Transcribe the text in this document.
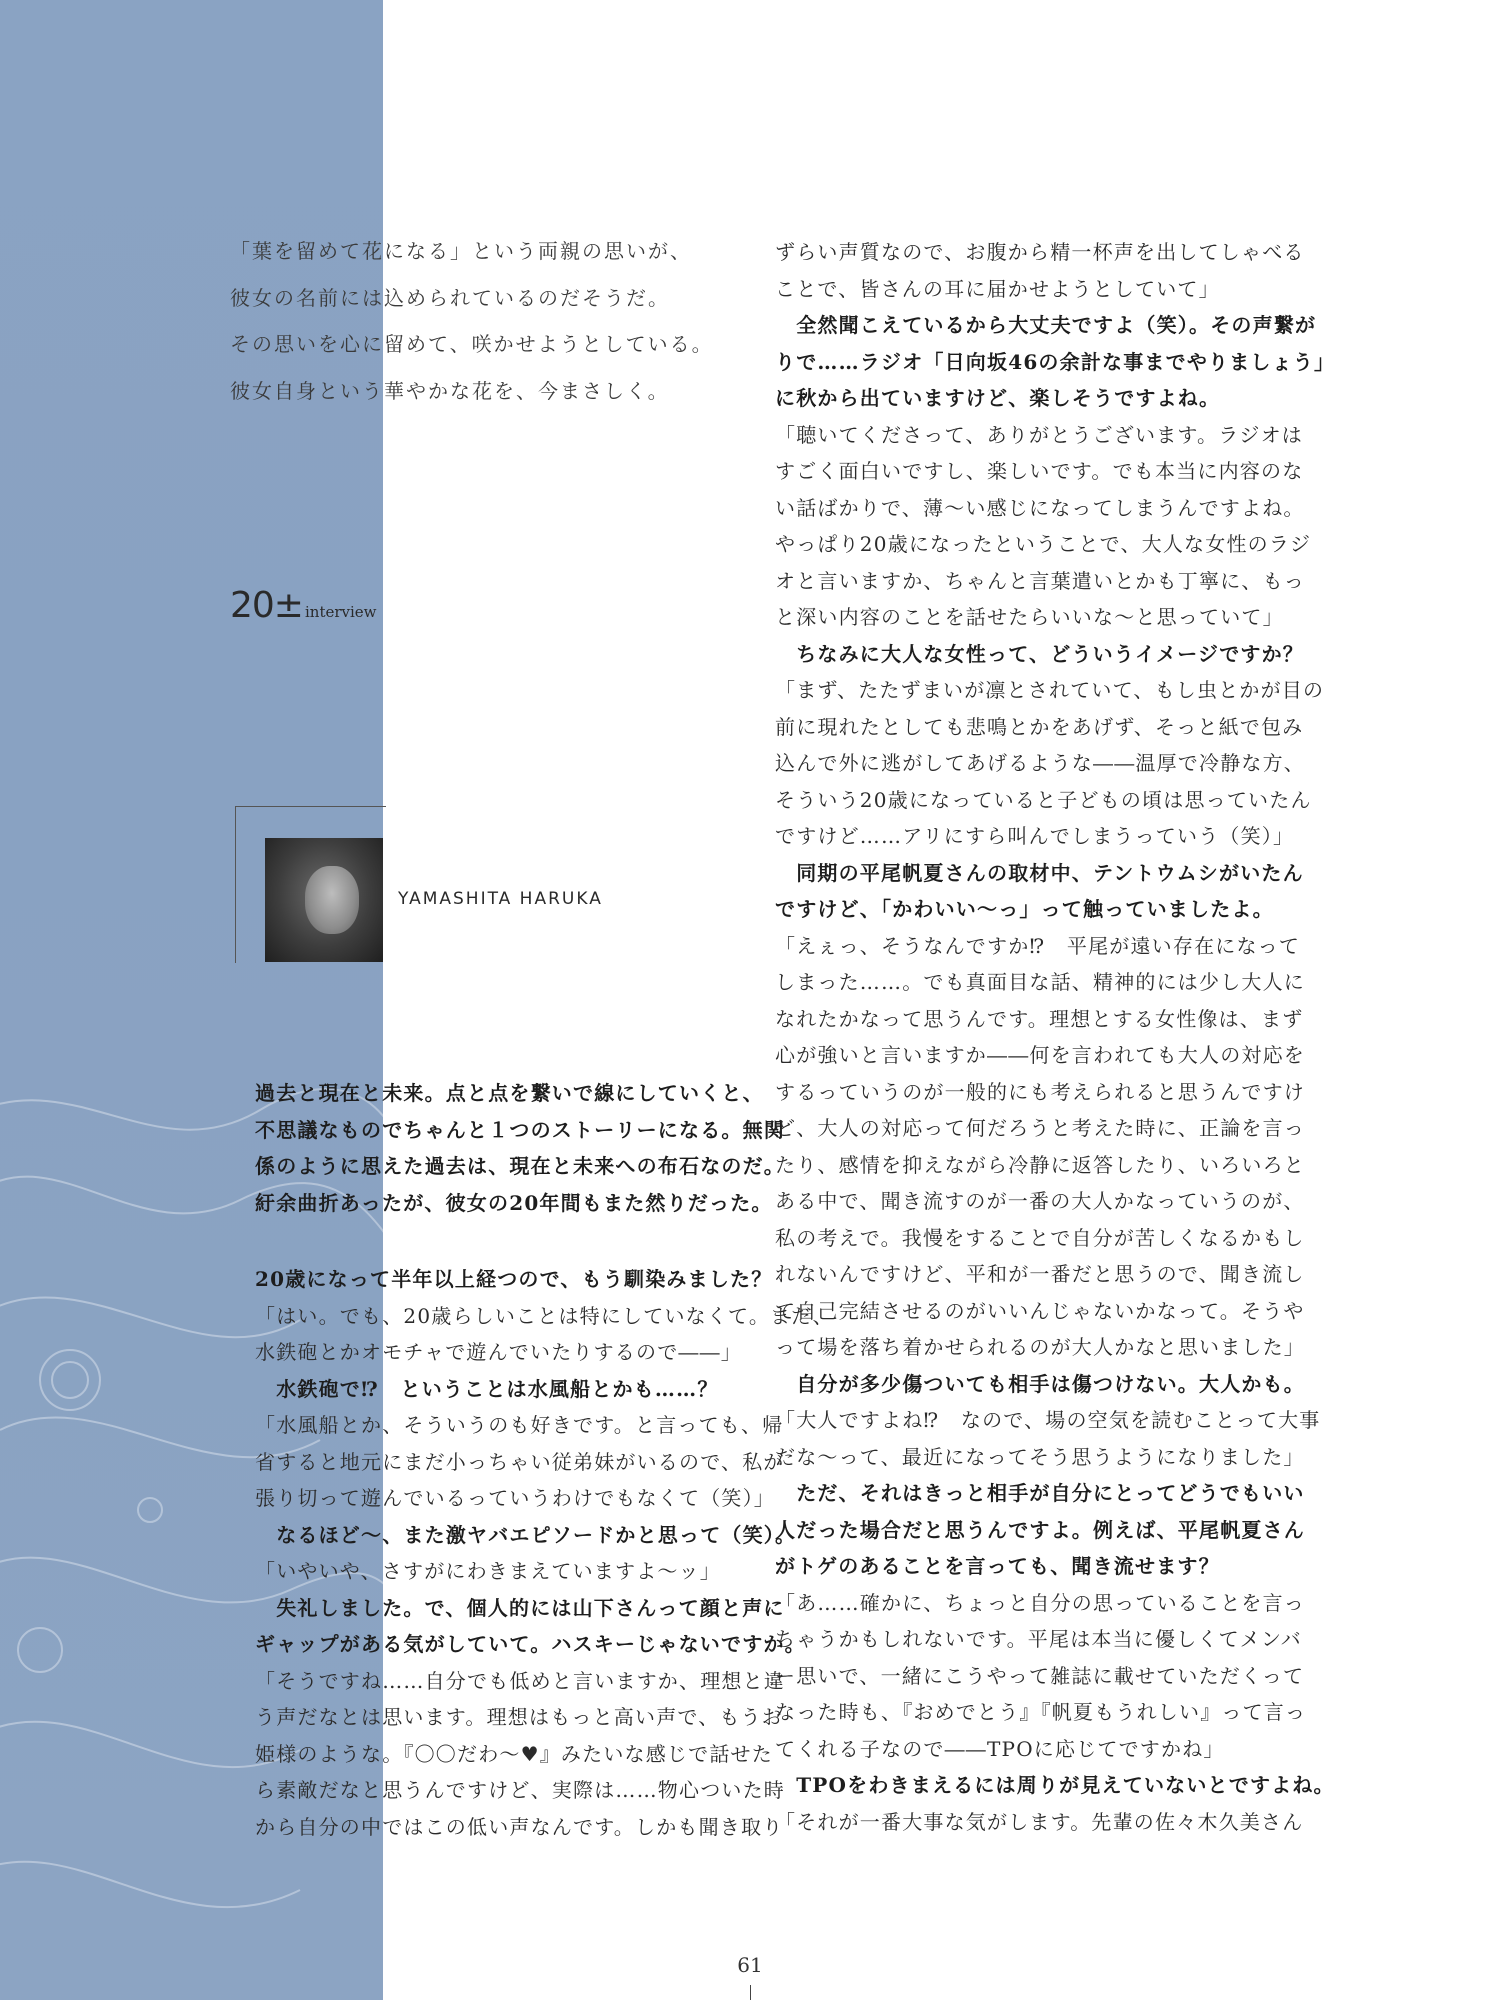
「葉を留めて花になる」という両親の思いが、

彼女の名前には込められているのだそうだ。

その思いを心に留めて、咲かせようとしている。

彼女自身という華やかな花を、今まさしく。

20± interview
YAMASHITA HARUKA
過去と現在と未来。点と点を繋いで線にしていくと、
不思議なものでちゃんと１つのストーリーになる。無関
係のように思えた過去は、現在と未来への布石なのだ。
紆余曲折あったが、彼女の20年間もまた然りだった。
20歳になって半年以上経つので、もう馴染みました？
「はい。でも、20歳らしいことは特にしていなくて。まだ、
水鉄砲とかオモチャで遊んでいたりするので――」
　水鉄砲で⁉　ということは水風船とかも……？
「水風船とか、そういうのも好きです。と言っても、帰
省すると地元にまだ小っちゃい従弟妹がいるので、私が
張り切って遊んでいるっていうわけでもなくて（笑）」
　なるほど～、また激ヤバエピソードかと思って（笑）。
「いやいや、さすがにわきまえていますよ～ッ」
　失礼しました。で、個人的には山下さんって顔と声に
ギャップがある気がしていて。ハスキーじゃないですか。
「そうですね……自分でも低めと言いますか、理想と違
う声だなとは思います。理想はもっと高い声で、もうお
姫様のような。『〇〇だわ～♥』みたいな感じで話せた
ら素敵だなと思うんですけど、実際は……物心ついた時
から自分の中ではこの低い声なんです。しかも聞き取り
ずらい声質なので、お腹から精一杯声を出してしゃべる
ことで、皆さんの耳に届かせようとしていて」
　全然聞こえているから大丈夫ですよ（笑）。その声繋が
りで……ラジオ「日向坂46の余計な事までやりましょう」
に秋から出ていますけど、楽しそうですよね。
「聴いてくださって、ありがとうございます。ラジオは
すごく面白いですし、楽しいです。でも本当に内容のな
い話ばかりで、薄～い感じになってしまうんですよね。
やっぱり20歳になったということで、大人な女性のラジ
オと言いますか、ちゃんと言葉遣いとかも丁寧に、もっ
と深い内容のことを話せたらいいな～と思っていて」
　ちなみに大人な女性って、どういうイメージですか？
「まず、たたずまいが凛とされていて、もし虫とかが目の
前に現れたとしても悲鳴とかをあげず、そっと紙で包み
込んで外に逃がしてあげるような――温厚で冷静な方、
そういう20歳になっていると子どもの頃は思っていたん
ですけど……アリにすら叫んでしまうっていう（笑）」
　同期の平尾帆夏さんの取材中、テントウムシがいたん
ですけど、「かわいい～っ」って触っていましたよ。
「えぇっ、そうなんですか⁉　平尾が遠い存在になって
しまった……。でも真面目な話、精神的には少し大人に
なれたかなって思うんです。理想とする女性像は、まず
心が強いと言いますか――何を言われても大人の対応を
するっていうのが一般的にも考えられると思うんですけ
ど、大人の対応って何だろうと考えた時に、正論を言っ
たり、感情を抑えながら冷静に返答したり、いろいろと
ある中で、聞き流すのが一番の大人かなっていうのが、
私の考えで。我慢をすることで自分が苦しくなるかもし
れないんですけど、平和が一番だと思うので、聞き流し
て自己完結させるのがいいんじゃないかなって。そうや
って場を落ち着かせられるのが大人かなと思いました」
　自分が多少傷ついても相手は傷つけない。大人かも。
「大人ですよね⁉　なので、場の空気を読むことって大事
だな～って、最近になってそう思うようになりました」
　ただ、それはきっと相手が自分にとってどうでもいい
人だった場合だと思うんですよ。例えば、平尾帆夏さん
がトゲのあることを言っても、聞き流せます？
「あ……確かに、ちょっと自分の思っていることを言っ
ちゃうかもしれないです。平尾は本当に優しくてメンバ
ー思いで、一緒にこうやって雑誌に載せていただくって
なった時も、『おめでとう』『帆夏もうれしい』って言っ
てくれる子なので――TPOに応じてですかね」
　TPOをわきまえるには周りが見えていないとですよね。
「それが一番大事な気がします。先輩の佐々木久美さん
61
